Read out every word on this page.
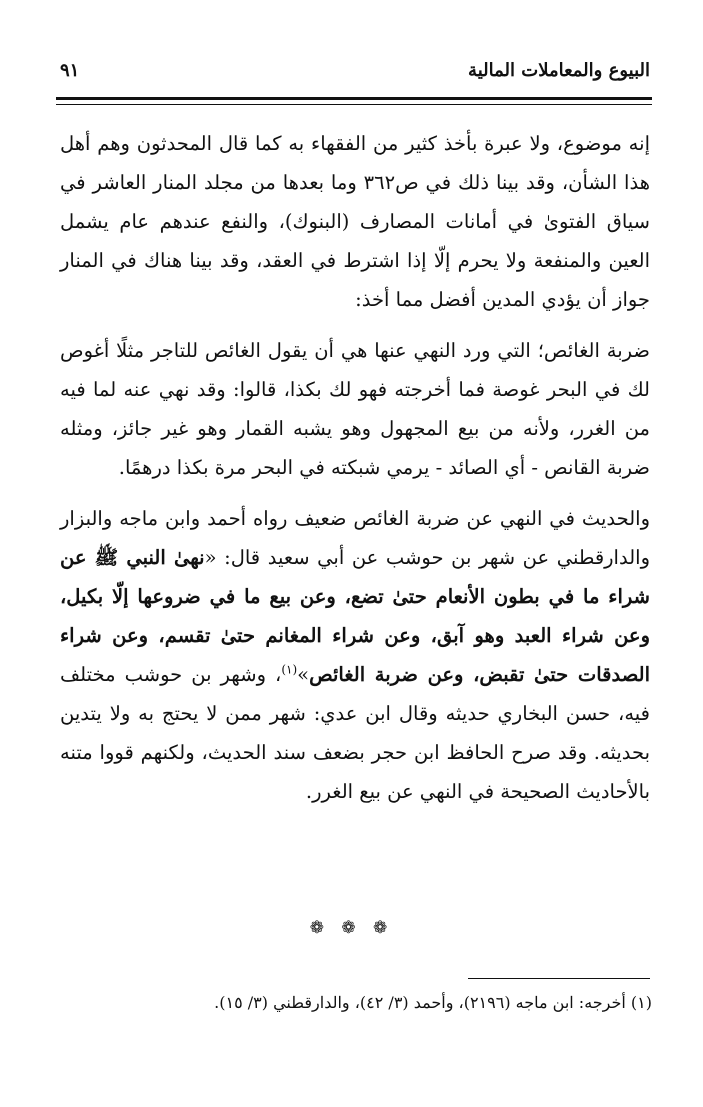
البيوع والمعاملات المالية
٩١

إنه موضوع، ولا عبرة بأخذ كثير من الفقهاء به كما قال المحدثون وهم أهل هذا الشأن، وقد بينا ذلك في ص٣٦٢ وما بعدها من مجلد المنار العاشر في سياق الفتوىٰ في أمانات المصارف (البنوك)، والنفع عندهم عام يشمل العين والمنفعة ولا يحرم إلّا إذا اشترط في العقد، وقد بينا هناك في المنار جواز أن يؤدي المدين أفضل مما أخذ:

ضربة الغائص؛ التي ورد النهي عنها هي أن يقول الغائص للتاجر مثلًا أغوص لك في البحر غوصة فما أخرجته فهو لك بكذا، قالوا: وقد نهي عنه لما فيه من الغرر، ولأنه من بيع المجهول وهو يشبه القمار وهو غير جائز، ومثله ضربة القانص - أي الصائد - يرمي شبكته في البحر مرة بكذا درهمًا.

والحديث في النهي عن ضربة الغائص ضعيف رواه أحمد وابن ماجه والبزار والدارقطني عن شهر بن حوشب عن أبي سعيد قال: «نهىٰ النبي ﷺ عن شراء ما في بطون الأنعام حتىٰ تضع، وعن بيع ما في ضروعها إلّا بكيل، وعن شراء العبد وهو آبق، وعن شراء المغانم حتىٰ تقسم، وعن شراء الصدقات حتىٰ تقبض، وعن ضربة الغائص»$^{(١)}$، وشهر بن حوشب مختلف فيه، حسن البخاري حديثه وقال ابن عدي: شهر ممن لا يحتج به ولا يتدين بحديثه. وقد صرح الحافظ ابن حجر بضعف سند الحديث، ولكنهم قووا متنه بالأحاديث الصحيحة في النهي عن بيع الغرر.

❁ ❁ ❁
(١) أخرجه: ابن ماجه (٢١٩٦)، وأحمد (٣/ ٤٢)، والدارقطني (٣/ ١٥).
